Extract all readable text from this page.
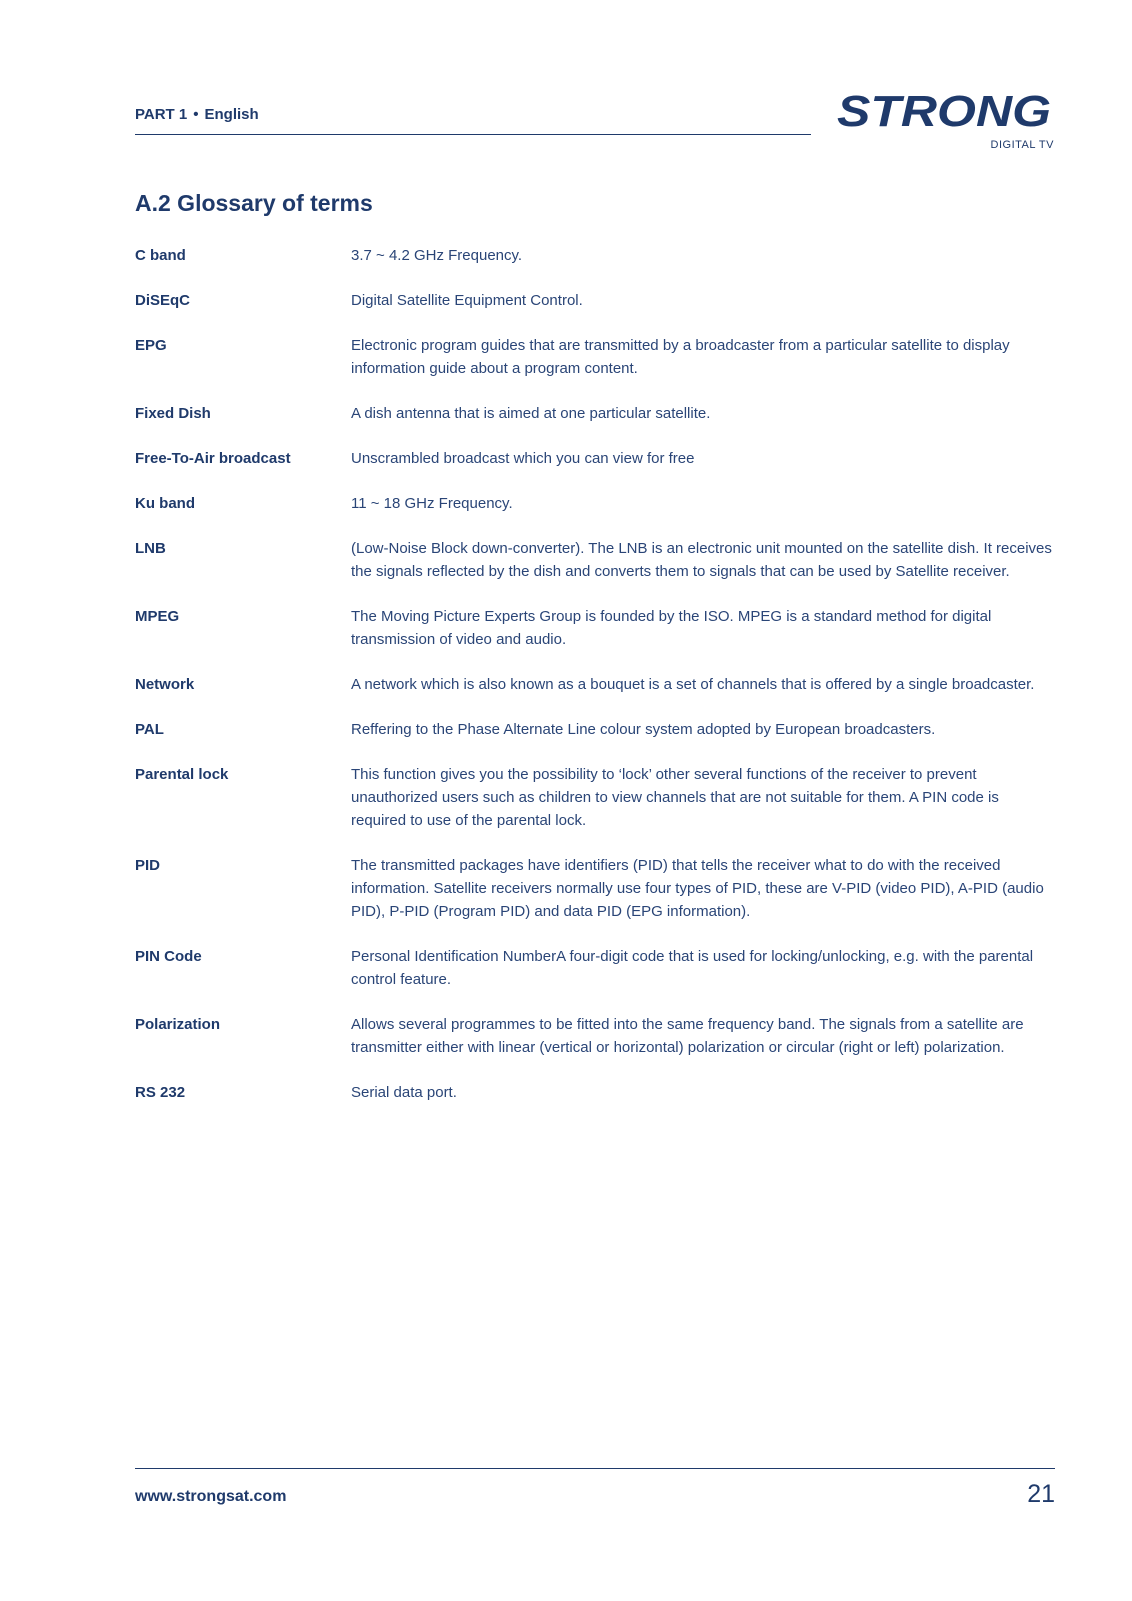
PART 1 • English	STRONG
DIGITAL TV
A.2 Glossary of terms
C band	3.7 ~ 4.2 GHz Frequency.
DiSEqC	Digital Satellite Equipment Control.
EPG	Electronic program guides that are transmitted by a broadcaster from a particular satellite to display information guide about a program content.
Fixed Dish	A dish antenna that is aimed at one particular satellite.
Free-To-Air broadcast	Unscrambled broadcast which you can view for free
Ku band	11 ~ 18 GHz Frequency.
LNB	(Low-Noise Block down-converter). The LNB is an electronic unit mounted on the satellite dish. It receives the signals reflected by the dish and converts them to signals that can be used by Satellite receiver.
MPEG	The Moving Picture Experts Group is founded by the ISO. MPEG is a standard method for digital transmission of video and audio.
Network	A network which is also known as a bouquet is a set of channels that is offered by a single broadcaster.
PAL	Reffering to the Phase Alternate Line colour system adopted by European broadcasters.
Parental lock	This function gives you the possibility to ‘lock’ other several functions of the receiver to prevent unauthorized users such as children to view channels that are not suitable for them. A PIN code is required to use of the parental lock.
PID	The transmitted packages have identifiers (PID) that tells the receiver what to do with the received information. Satellite receivers normally use four types of PID, these are V-PID (video PID), A-PID (audio PID), P-PID (Program PID) and data PID (EPG information).
PIN Code	Personal Identification NumberA four-digit code that is used for locking/unlocking, e.g. with the parental control feature.
Polarization	Allows several programmes to be fitted into the same frequency band. The signals from a satellite are transmitter either with linear (vertical or horizontal) polarization or circular (right or left) polarization.
RS 232	Serial data port.
www.strongsat.com	21
